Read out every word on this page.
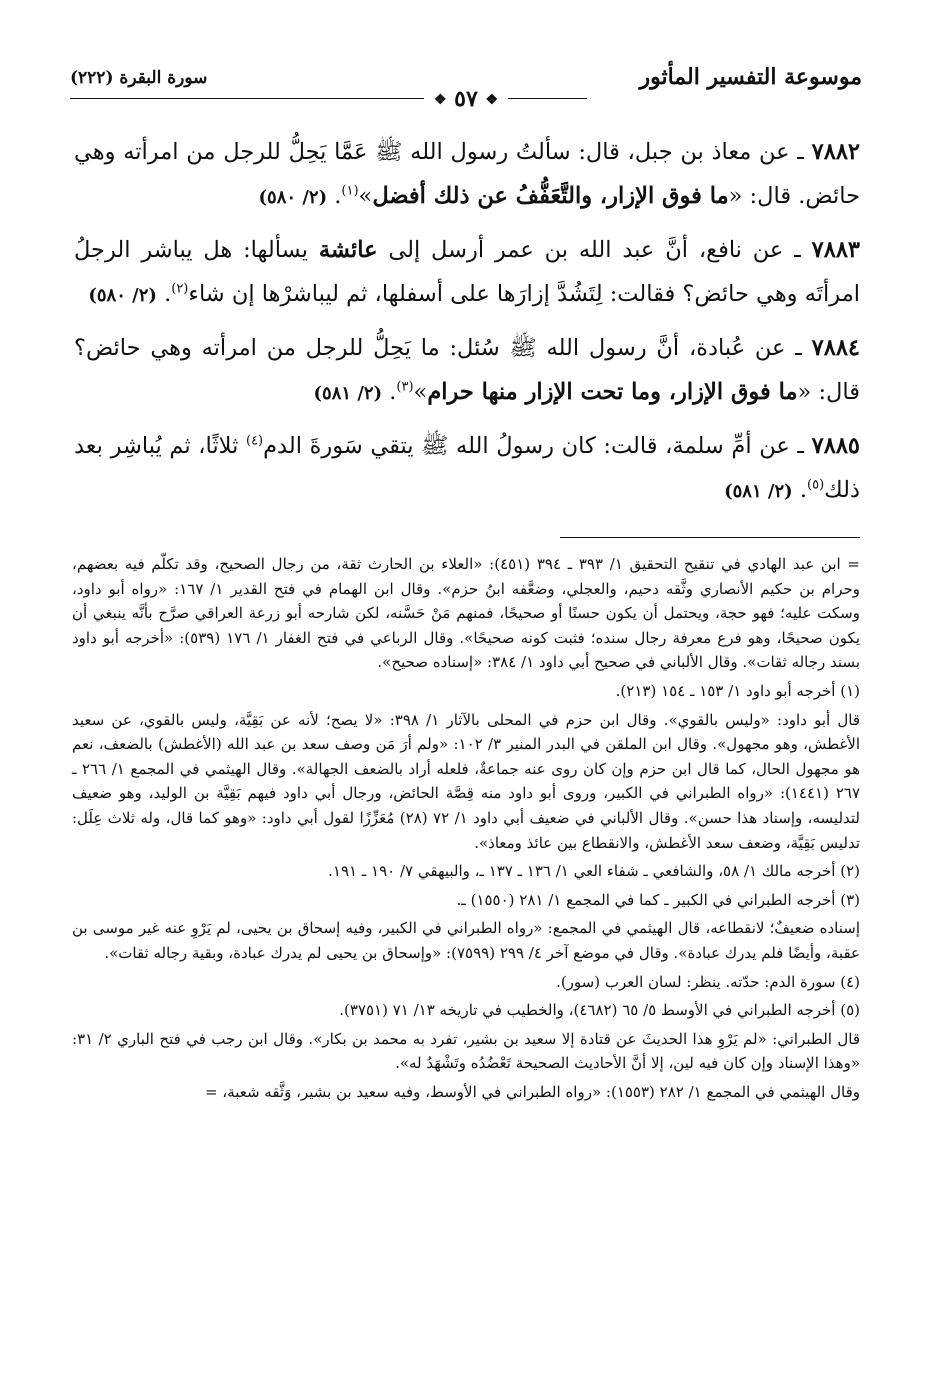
موسوعة التفسير المأثور
سورة البقرة (٢٢٢)
❖ ٥٧ ❖

٧٨٨٢ ـ عن معاذ بن جبل، قال: سألتُ رسول الله ﷺ عَمَّا يَحِلُّ للرجل من امرأته وهي حائض. قال: «ما فوق الإزار، والتَّعَفُّفُ عن ذلك أفضل»$^{(١)}$. (٢/ ٥٨٠)

٧٨٨٣ ـ عن نافع، أنَّ عبد الله بن عمر أرسل إلى عائشة يسألها: هل يباشر الرجلُ امرأتَه وهي حائض؟ فقالت: لِتَشُدَّ إزارَها على أسفلها، ثم ليباشرْها إن شاء$^{(٢)}$. (٢/ ٥٨٠)

٧٨٨٤ ـ عن عُبادة، أنَّ رسول الله ﷺ سُئل: ما يَحِلُّ للرجل من امرأته وهي حائض؟ قال: «ما فوق الإزار، وما تحت الإزار منها حرام»$^{(٣)}$. (٢/ ٥٨١)

٧٨٨٥ ـ عن أمِّ سلمة، قالت: كان رسولُ الله ﷺ يتقي سَورةَ الدم$^{(٤)}$ ثلاثًا، ثم يُباشِر بعد ذلك$^{(٥)}$. (٢/ ٥٨١)

= ابن عبد الهادي في تنقيح التحقيق ١/ ٣٩٣ ـ ٣٩٤ (٤٥١): «العلاء بن الحارث ثقة، من رجال الصحيح، وقد تكلّم فيه بعضهم، وحرام بن حكيم الأنصاري وثَّقه دحيم، والعجلي، وضعَّفه ابنُ حزم». وقال ابن الهمام في فتح القدير ١/ ١٦٧: «رواه أبو داود، وسكت عليه؛ فهو حجة، ويحتمل أن يكون حسنًا أو صحيحًا، فمنهم مَنْ حَسَّنه، لكن شارحه أبو زرعة العراقي صرَّح بأنَّه ينبغي أن يكون صحيحًا، وهو فرع معرفة رجال سنده؛ فثبت كونه صحيحًا». وقال الرباعي في فتح الغفار ١/ ١٧٦ (٥٣٩): «أخرجه أبو داود بسند رجاله ثقات». وقال الألباني في صحيح أبي داود ١/ ٣٨٤: «إسناده صحيح».

(١) أخرجه أبو داود ١/ ١٥٣ ـ ١٥٤ (٢١٣).

قال أبو داود: «وليس بالقوي». وقال ابن حزم في المحلى بالآثار ١/ ٣٩٨: «لا يصح؛ لأنه عن بَقِيَّة، وليس بالقوي، عن سعيد الأغطش، وهو مجهول». وقال ابن الملقن في البدر المنير ٣/ ١٠٢: «ولم أرَ مَن وصف سعد بن عبد الله (الأغطش) بالضعف، نعم هو مجهول الحال، كما قال ابن حزم وإن كان روى عنه جماعةٌ، فلعله أراد بالضعف الجهالة». وقال الهيثمي في المجمع ١/ ٢٦٦ ـ ٢٦٧ (١٤٤١): «رواه الطبراني في الكبير، وروى أبو داود منه قِصَّة الحائض، ورجال أبي داود فيهم بَقِيَّة بن الوليد، وهو ضعيف لتدليسه، وإسناد هذا حسن». وقال الألباني في ضعيف أبي داود ١/ ٧٢ (٢٨) مُعَزِّزًا لقول أبي داود: «وهو كما قال، وله ثلاث عِلَل: تدليس بَقِيَّة، وضعف سعد الأغطش، والانقطاع بين عائذ ومعاذ».

(٢) أخرجه مالك ١/ ٥٨، والشافعي ـ شفاء العي ١/ ١٣٦ ـ ١٣٧ ـ، والبيهقي ٧/ ١٩٠ ـ ١٩١.

(٣) أخرجه الطبراني في الكبير ـ كما في المجمع ١/ ٢٨١ (١٥٥٠) ـ.

إسناده ضعيفٌ؛ لانقطاعه، قال الهيثمي في المجمع: «رواه الطبراني في الكبير، وفيه إسحاق بن يحيى، لم يَرْوِ عنه غير موسى بن عقبة، وأيضًا فلم يدرك عبادة». وقال في موضع آخر ٤/ ٢٩٩ (٧٥٩٩): «وإسحاق بن يحيى لم يدرك عبادة، وبقية رجاله ثقات».

(٤) سورة الدم: حدّته. ينظر: لسان العرب (سور).

(٥) أخرجه الطبراني في الأوسط ٥/ ٦٥ (٤٦٨٢)، والخطيب في تاريخه ١٣/ ٧١ (٣٧٥١).

قال الطبراني: «لم يَرْوِ هذا الحديثَ عن قتادة إلا سعيد بن بشير، تفرد به محمد بن بكار». وقال ابن رجب في فتح الباري ٢/ ٣١: «وهذا الإسناد وإن كان فيه لين، إلا أنَّ الأحاديث الصحيحة تَعْضُدُه وتَشْهَدُ له».

وقال الهيثمي في المجمع ١/ ٢٨٢ (١٥٥٣): «رواه الطبراني في الأوسط، وفيه سعيد بن بشير، وَثَّقه شعبة، =
